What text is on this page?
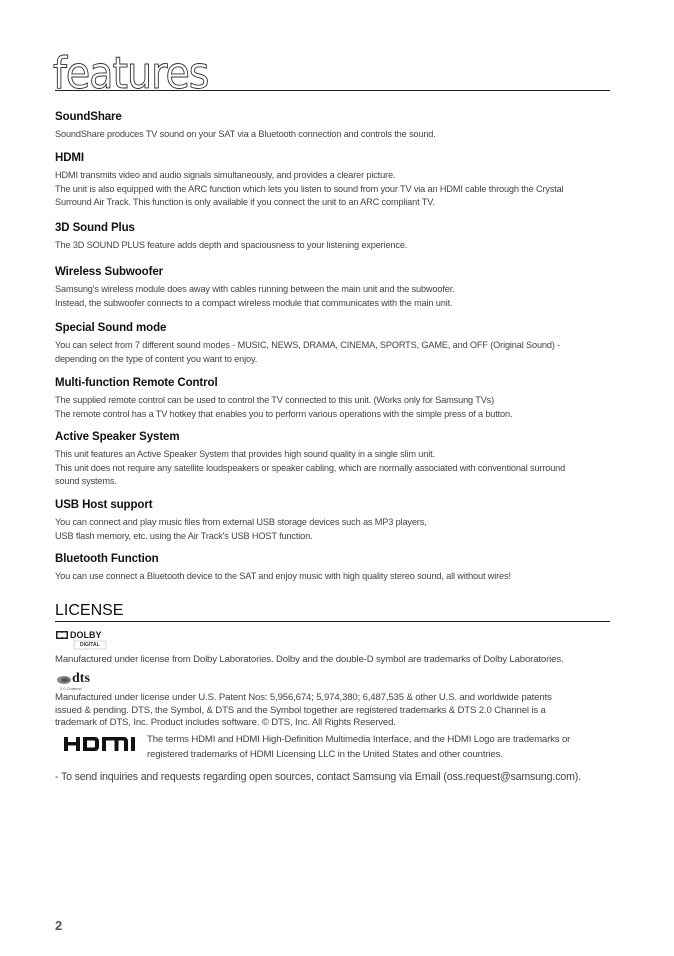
features
SoundShare

SoundShare produces TV sound on your SAT via a Bluetooth connection and controls the sound.

HDMI

HDMI transmits video and audio signals simultaneously, and provides a clearer picture.

The unit is also equipped with the ARC function which lets you listen to sound from your TV via an HDMI cable through the Crystal

Surround Air Track. This function is only available if you connect the unit to an ARC compliant TV.

3D Sound Plus

The 3D SOUND PLUS feature adds depth and spaciousness to your listening experience.

Wireless Subwoofer

Samsung's wireless module does away with cables running between the main unit and the subwoofer.

Instead, the subwoofer connects to a compact wireless module that communicates with the main unit.

Special Sound mode

You can select from 7 different sound modes - MUSIC, NEWS, DRAMA, CINEMA, SPORTS, GAME, and OFF (Original Sound) -

depending on the type of content you want to enjoy.

Multi-function Remote Control

The supplied remote control can be used to control the TV connected to this unit. (Works only for Samsung TVs)

The remote control has a TV hotkey that enables you to perform various operations with the simple press of a button.

Active Speaker System

This unit features an Active Speaker System that provides high sound quality in a single slim unit.

This unit does not require any satellite loudspeakers or speaker cabling, which are normally associated with conventional surround

sound systems.

USB Host support

You can connect and play music files from external USB storage devices such as MP3 players,

USB flash memory, etc. using the Air Track's USB HOST function.

Bluetooth Function

You can use connect a Bluetooth device to the SAT and enjoy music with high quality stereo sound, all without wires!

LICENSE
DOLBY
DIGITAL
Manufactured under license from Dolby Laboratories. Dolby and the double-D symbol are trademarks of Dolby Laboratories.
dts
2.0 Channel
Manufactured under license under U.S. Patent Nos: 5,956,674; 5,974,380; 6,487,535 & other U.S. and worldwide patents
issued & pending. DTS, the Symbol, & DTS and the Symbol together are registered trademarks & DTS 2.0 Channel is a
trademark of DTS, Inc. Product includes software. © DTS, Inc. All Rights Reserved.
The terms HDMI and HDMI High-Definition Multimedia Interface, and the HDMI Logo are trademarks or
registered trademarks of HDMI Licensing LLC in the United States and other countries.
- To send inquiries and requests regarding open sources, contact Samsung via Email (oss.request@samsung.com).
2
